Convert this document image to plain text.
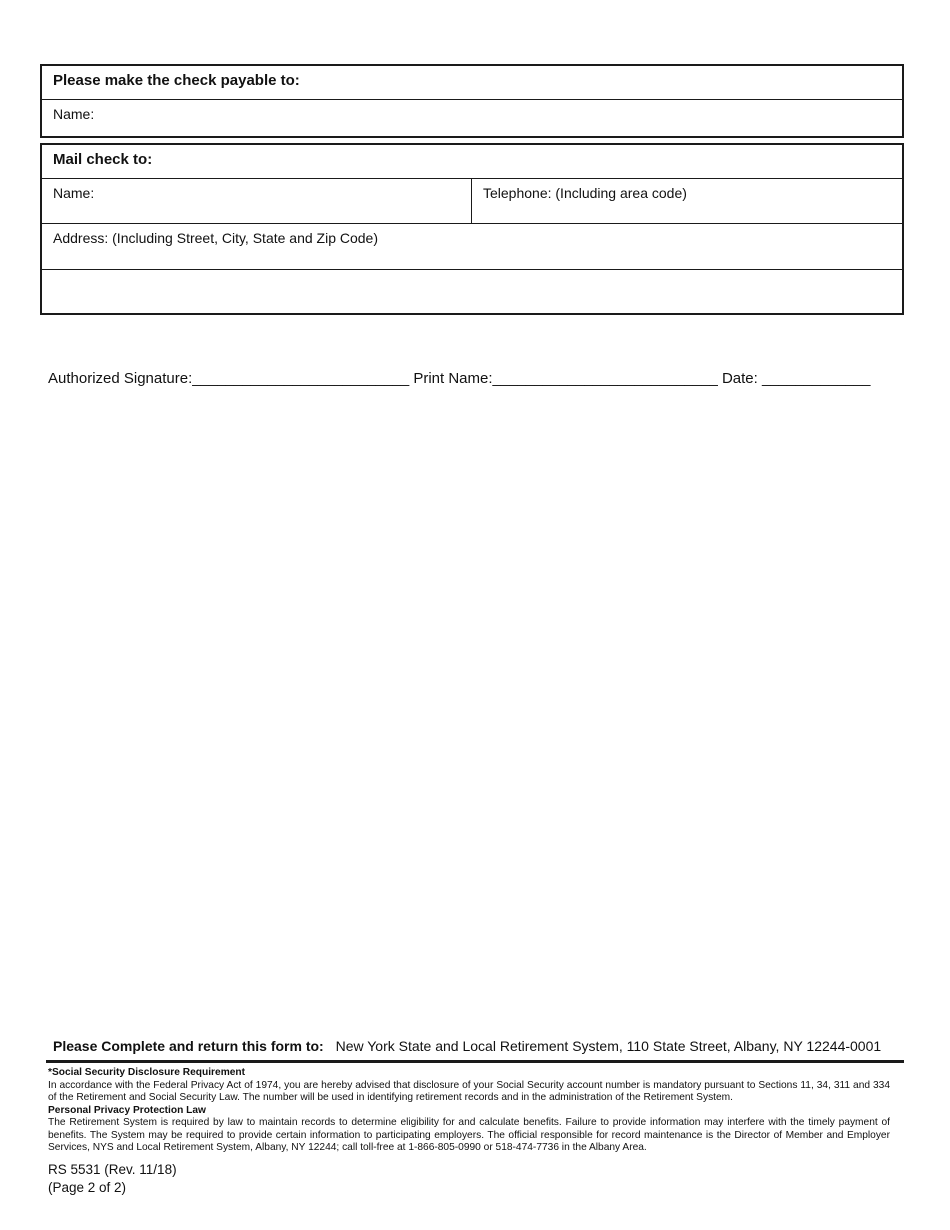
Please make the check payable to:
Name:
Mail check to:
Name:	Telephone: (Including area code)
Address: (Including Street, City, State and Zip Code)
Authorized Signature:__________________________ Print Name:___________________________ Date: _____________
Please Complete and return this form to: New York State and Local Retirement System, 110 State Street, Albany, NY 12244-0001
*Social Security Disclosure Requirement

In accordance with the Federal Privacy Act of 1974, you are hereby advised that disclosure of your Social Security account number is mandatory pursuant to Sections 11, 34, 311 and 334 of the Retirement and Social Security Law. The number will be used in identifying retirement records and in the administration of the Retirement System.

Personal Privacy Protection Law

The Retirement System is required by law to maintain records to determine eligibility for and calculate benefits. Failure to provide information may interfere with the timely payment of benefits. The System may be required to provide certain information to participating employers. The official responsible for record maintenance is the Director of Member and Employer Services, NYS and Local Retirement System, Albany, NY 12244; call toll-free at 1-866-805-0990 or 518-474-7736 in the Albany Area.

RS 5531 (Rev. 11/18)
(Page 2 of 2)
